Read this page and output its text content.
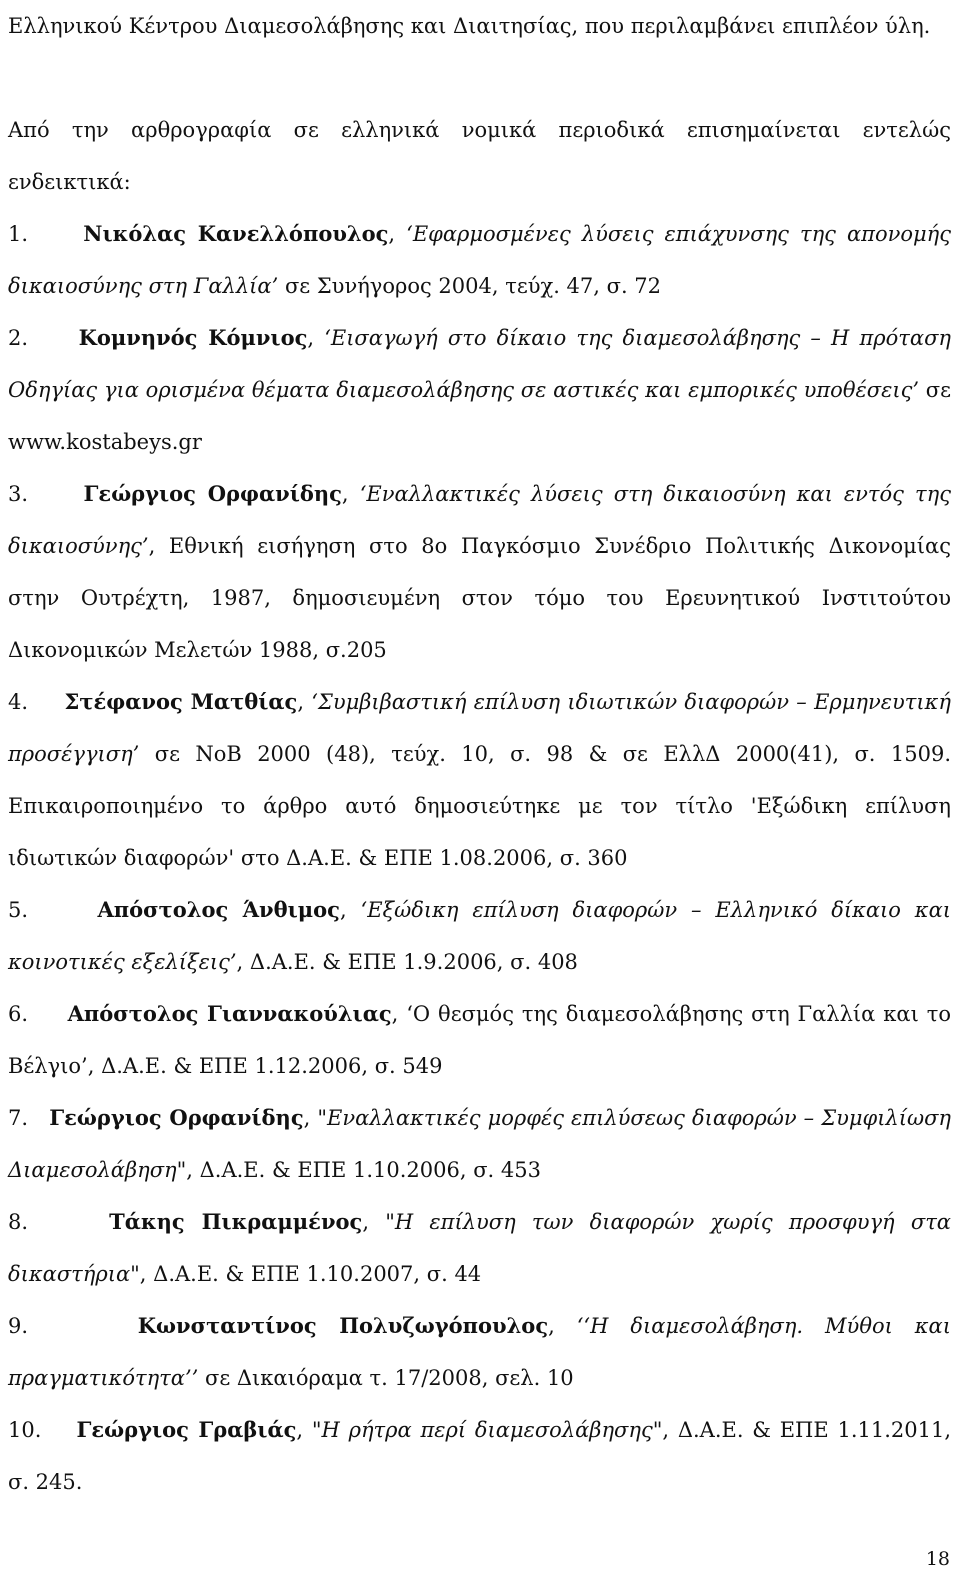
Ελληνικού Κέντρου Διαμεσολάβησης και Διαιτησίας, που περιλαμβάνει επιπλέον ύλη.

Από την αρθρογραφία σε ελληνικά νομικά περιοδικά επισημαίνεται εντελώς ενδεικτικά:

1.	Νικόλας Κανελλόπουλος, ‘Εφαρμοσμένες λύσεις επιάχυνσης της απονομής δικαιοσύνης στη Γαλλία’ σε Συνήγορος 2004, τεύχ. 47, σ. 72

2. Κομνηνός Κόμνιος, ‘Εισαγωγή στο δίκαιο της διαμεσολάβησης – Η πρόταση Οδηγίας για ορισμένα θέματα διαμεσολάβησης σε αστικές και εμπορικές υποθέσεις’ σε www.kostabeys.gr

3.	Γεώργιος Ορφανίδης, ‘Εναλλακτικές λύσεις στη δικαιοσύνη και εντός της δικαιοσύνης’, Εθνική εισήγηση στο 8ο Παγκόσμιο Συνέδριο Πολιτικής Δικονομίας στην Ουτρέχτη, 1987, δημοσιευμένη στον τόμο του Ερευνητικού Ινστιτούτου Δικονομικών Μελετών 1988, σ.205

4. Στέφανος Ματθίας, ‘Συμβιβαστική επίλυση ιδιωτικών διαφορών – Ερμηνευτική προσέγγιση’ σε ΝοΒ 2000 (48), τεύχ. 10, σ. 98 & σε ΕλλΔ 2000(41), σ. 1509. Επικαιροποιημένο το άρθρο αυτό δημοσιεύτηκε με τον τίτλο 'Εξώδικη επίλυση ιδιωτικών διαφορών' στο Δ.Α.Ε. & ΕΠΕ 1.08.2006, σ. 360

5.	Απόστολος Άνθιμος, ‘Εξώδικη επίλυση διαφορών – Ελληνικό δίκαιο και κοινοτικές εξελίξεις’, Δ.Α.Ε. & ΕΠΕ 1.9.2006, σ. 408

6. Απόστολος Γιαννακούλιας, ‘Ο θεσμός της διαμεσολάβησης στη Γαλλία και το Βέλγιο’, Δ.Α.Ε. & ΕΠΕ 1.12.2006, σ. 549

7. Γεώργιος Ορφανίδης, "Εναλλακτικές μορφές επιλύσεως διαφορών – Συμφιλίωση Διαμεσολάβηση", Δ.Α.Ε. & ΕΠΕ 1.10.2006, σ. 453

8.	Τάκης Πικραμμένος, "Η επίλυση των διαφορών χωρίς προσφυγή στα δικαστήρια", Δ.Α.Ε. & ΕΠΕ 1.10.2007, σ. 44

9.	Κωνσταντίνος Πολυζωγόπουλος, ‘‘Η διαμεσολάβηση. Μύθοι και πραγματικότητα’’ σε Δικαιόραμα τ. 17/2008, σελ. 10

10. Γεώργιος Γραβιάς, "Η ρήτρα περί διαμεσολάβησης", Δ.Α.Ε. & ΕΠΕ 1.11.2011, σ. 245.

18
